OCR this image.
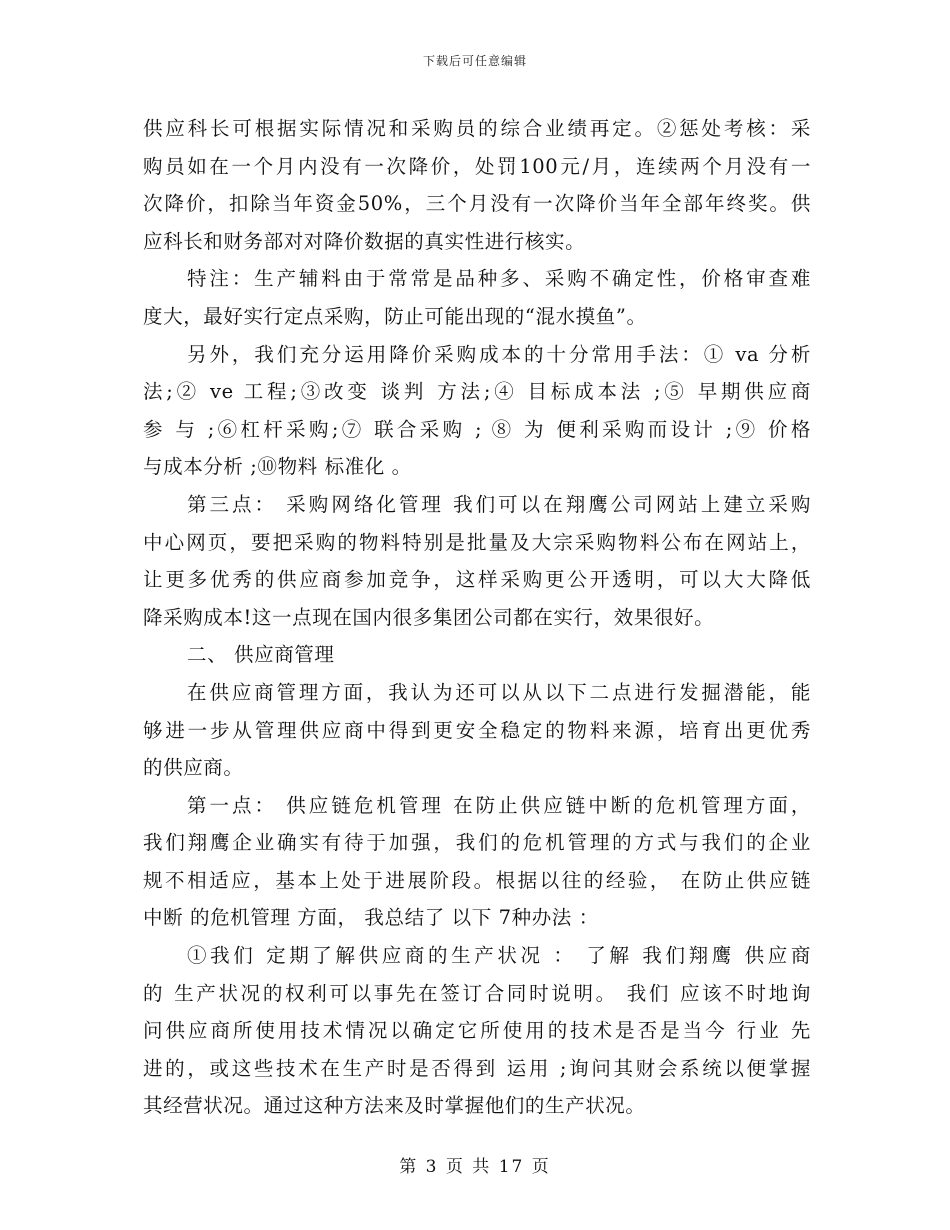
下载后可任意编辑
供应科长可根据实际情况和采购员的综合业绩再定。②惩处考核：采
购员如在一个月内没有一次降价，处罚100元/月，连续两个月没有一
次降价，扣除当年资金50%，三个月没有一次降价当年全部年终奖。供
应科长和财务部对对降价数据的真实性进行核实。
特注：生产辅料由于常常是品种多、采购不确定性，价格审查难
度大，最好实行定点采购，防止可能出现的“混水摸鱼”。
另外，我们充分运用降价采购成本的十分常用手法：① va 分析
法;② ve 工程;③改变 谈判 方法;④ 目标成本法 ;⑤ 早期供应商
参 与 ;⑥杠杆采购;⑦ 联合采购 ; ⑧ 为 便利采购而设计 ;⑨ 价格
与成本分析 ;⑩物料 标准化 。
第三点： 采购网络化管理 我们可以在翔鹰公司网站上建立采购
中心网页，要把采购的物料特别是批量及大宗采购物料公布在网站上，
让更多优秀的供应商参加竞争，这样采购更公开透明，可以大大降低
降采购成本!这一点现在国内很多集团公司都在实行，效果很好。
二、 供应商管理
在供应商管理方面，我认为还可以从以下二点进行发掘潜能，能
够进一步从管理供应商中得到更安全稳定的物料来源，培育出更优秀
的供应商。
第一点： 供应链危机管理 在防止供应链中断的危机管理方面，
我们翔鹰企业确实有待于加强，我们的危机管理的方式与我们的企业
规不相适应，基本上处于进展阶段。根据以往的经验， 在防止供应链
中断 的危机管理 方面， 我总结了 以下 7种办法 ：
①我们 定期了解供应商的生产状况 ： 了解 我们翔鹰 供应商
的 生产状况的权利可以事先在签订合同时说明。 我们 应该不时地询
问供应商所使用技术情况以确定它所使用的技术是否是当今 行业 先
进的，或这些技术在生产时是否得到 运用 ;询问其财会系统以便掌握
其经营状况。通过这种方法来及时掌握他们的生产状况。
第 3 页 共 17 页
